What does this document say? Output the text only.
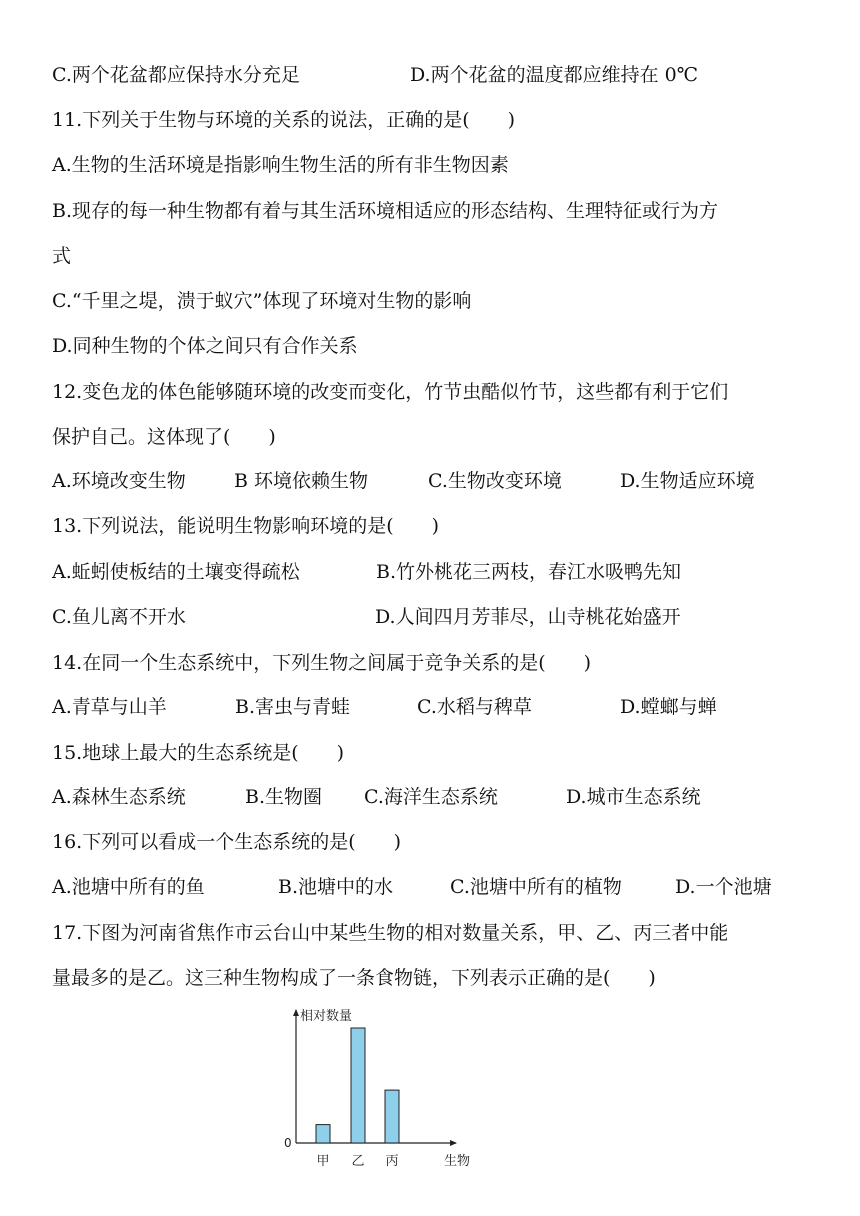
C.两个花盆都应保持水分充足	D.两个花盆的温度都应维持在 0℃
11.下列关于生物与环境的关系的说法，正确的是(　　)
A.生物的生活环境是指影响生物生活的所有非生物因素
B.现存的每一种生物都有着与其生活环境相适应的形态结构、生理特征或行为方
式
C.“千里之堤，溃于蚁穴”体现了环境对生物的影响
D.同种生物的个体之间只有合作关系
12.变色龙的体色能够随环境的改变而变化，竹节虫酷似竹节，这些都有利于它们
保护自己。这体现了(　　)
A.环境改变生物	B 环境依赖生物	C.生物改变环境	D.生物适应环境
13.下列说法，能说明生物影响环境的是(　　)
A.蚯蚓使板结的土壤变得疏松	B.竹外桃花三两枝，春江水吸鸭先知
C.鱼儿离不开水	D.人间四月芳菲尽，山寺桃花始盛开
14.在同一个生态系统中，下列生物之间属于竞争关系的是(　　)
A.青草与山羊	B.害虫与青蛙	C.水稻与稗草	D.螳螂与蝉
15.地球上最大的生态系统是(　　)
A.森林生态系统	B.生物圈 C.海洋生态系统	D.城市生态系统
16.下列可以看成一个生态系统的是(　　)
A.池塘中所有的鱼	B.池塘中的水	C.池塘中所有的植物	D.一个池塘
17.下图为河南省焦作市云台山中某些生物的相对数量关系，甲、乙、丙三者中能
量最多的是乙。这三种生物构成了一条食物链，下列表示正确的是(　　)
相对数量
0
生物
甲 乙 丙
